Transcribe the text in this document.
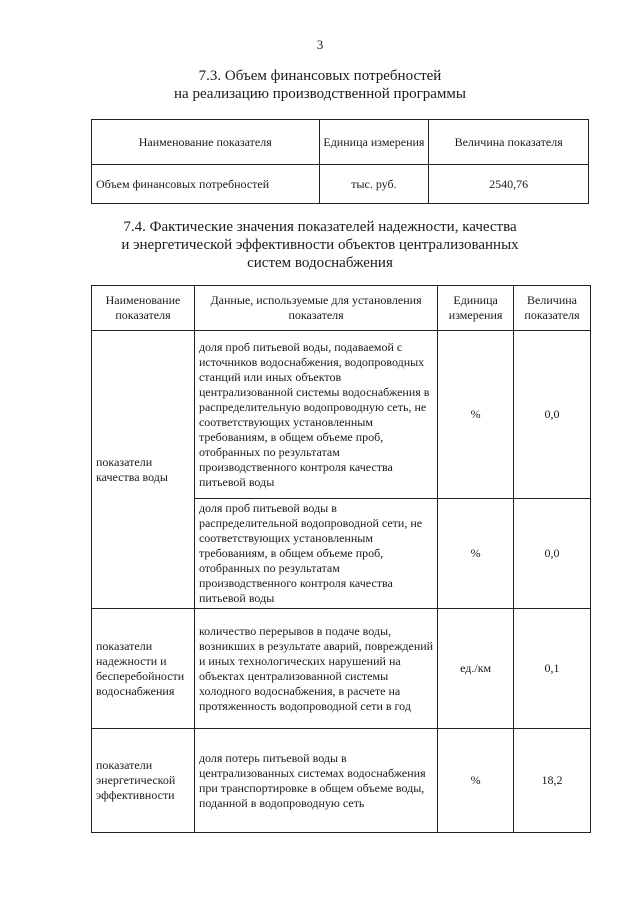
3
7.3. Объем финансовых потребностей
на реализацию производственной программы
Наименование показателя	Единица измерения	Величина показателя
Объем финансовых потребностей	тыс. руб.	2540,76
7.4. Фактические значения показателей надежности, качества
и энергетической эффективности объектов централизованных
систем водоснабжения
Наименование показателя	Данные, используемые для установления показателя	Единица измерения	Величина показателя
показатели качества воды	доля проб питьевой воды, подаваемой с источников водоснабжения, водопроводных станций или иных объектов централизованной системы водоснабжения в распределительную водопроводную сеть, не соответствующих установленным требованиям, в общем объеме проб, отобранных по результатам производственного контроля качества питьевой воды	%	0,0
	доля проб питьевой воды в распределительной водопроводной сети, не соответствующих установленным требованиям, в общем объеме проб, отобранных по результатам производственного контроля качества питьевой воды	%	0,0
показатели надежности и бесперебойности водоснабжения	количество перерывов в подаче воды, возникших в результате аварий, повреждений и иных технологических нарушений на объектах централизованной системы холодного водоснабжения, в расчете на протяженность водопроводной сети в год	ед./км	0,1
показатели энергетической эффективности	доля потерь питьевой воды в централизованных системах водоснабжения при транспортировке в общем объеме воды, поданной в водопроводную сеть	%	18,2
